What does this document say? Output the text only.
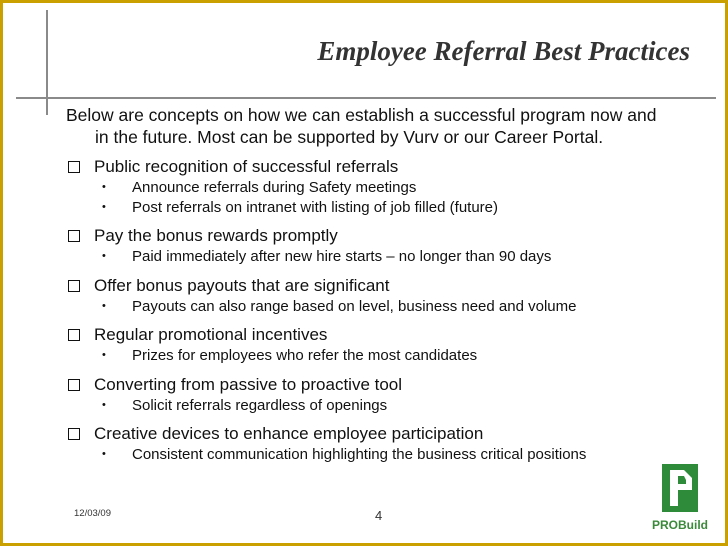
Employee Referral Best Practices

Below are concepts on how we can establish a successful program now and in the future. Most can be supported by Vurv or our Career Portal.

Public recognition of successful referrals
•	Announce referrals during Safety meetings
•	Post referrals on intranet with listing of job filled (future)
Pay the bonus rewards promptly
•	Paid immediately after new hire starts – no longer than 90 days
Offer bonus payouts that are significant
•	Payouts can also range based on level, business need and volume
Regular promotional incentives
•	Prizes for employees who refer the most candidates
Converting from passive to proactive tool
•	Solicit referrals regardless of openings
Creative devices to enhance employee participation
•	Consistent communication highlighting the business critical positions
12/03/09	4
PROBuild
